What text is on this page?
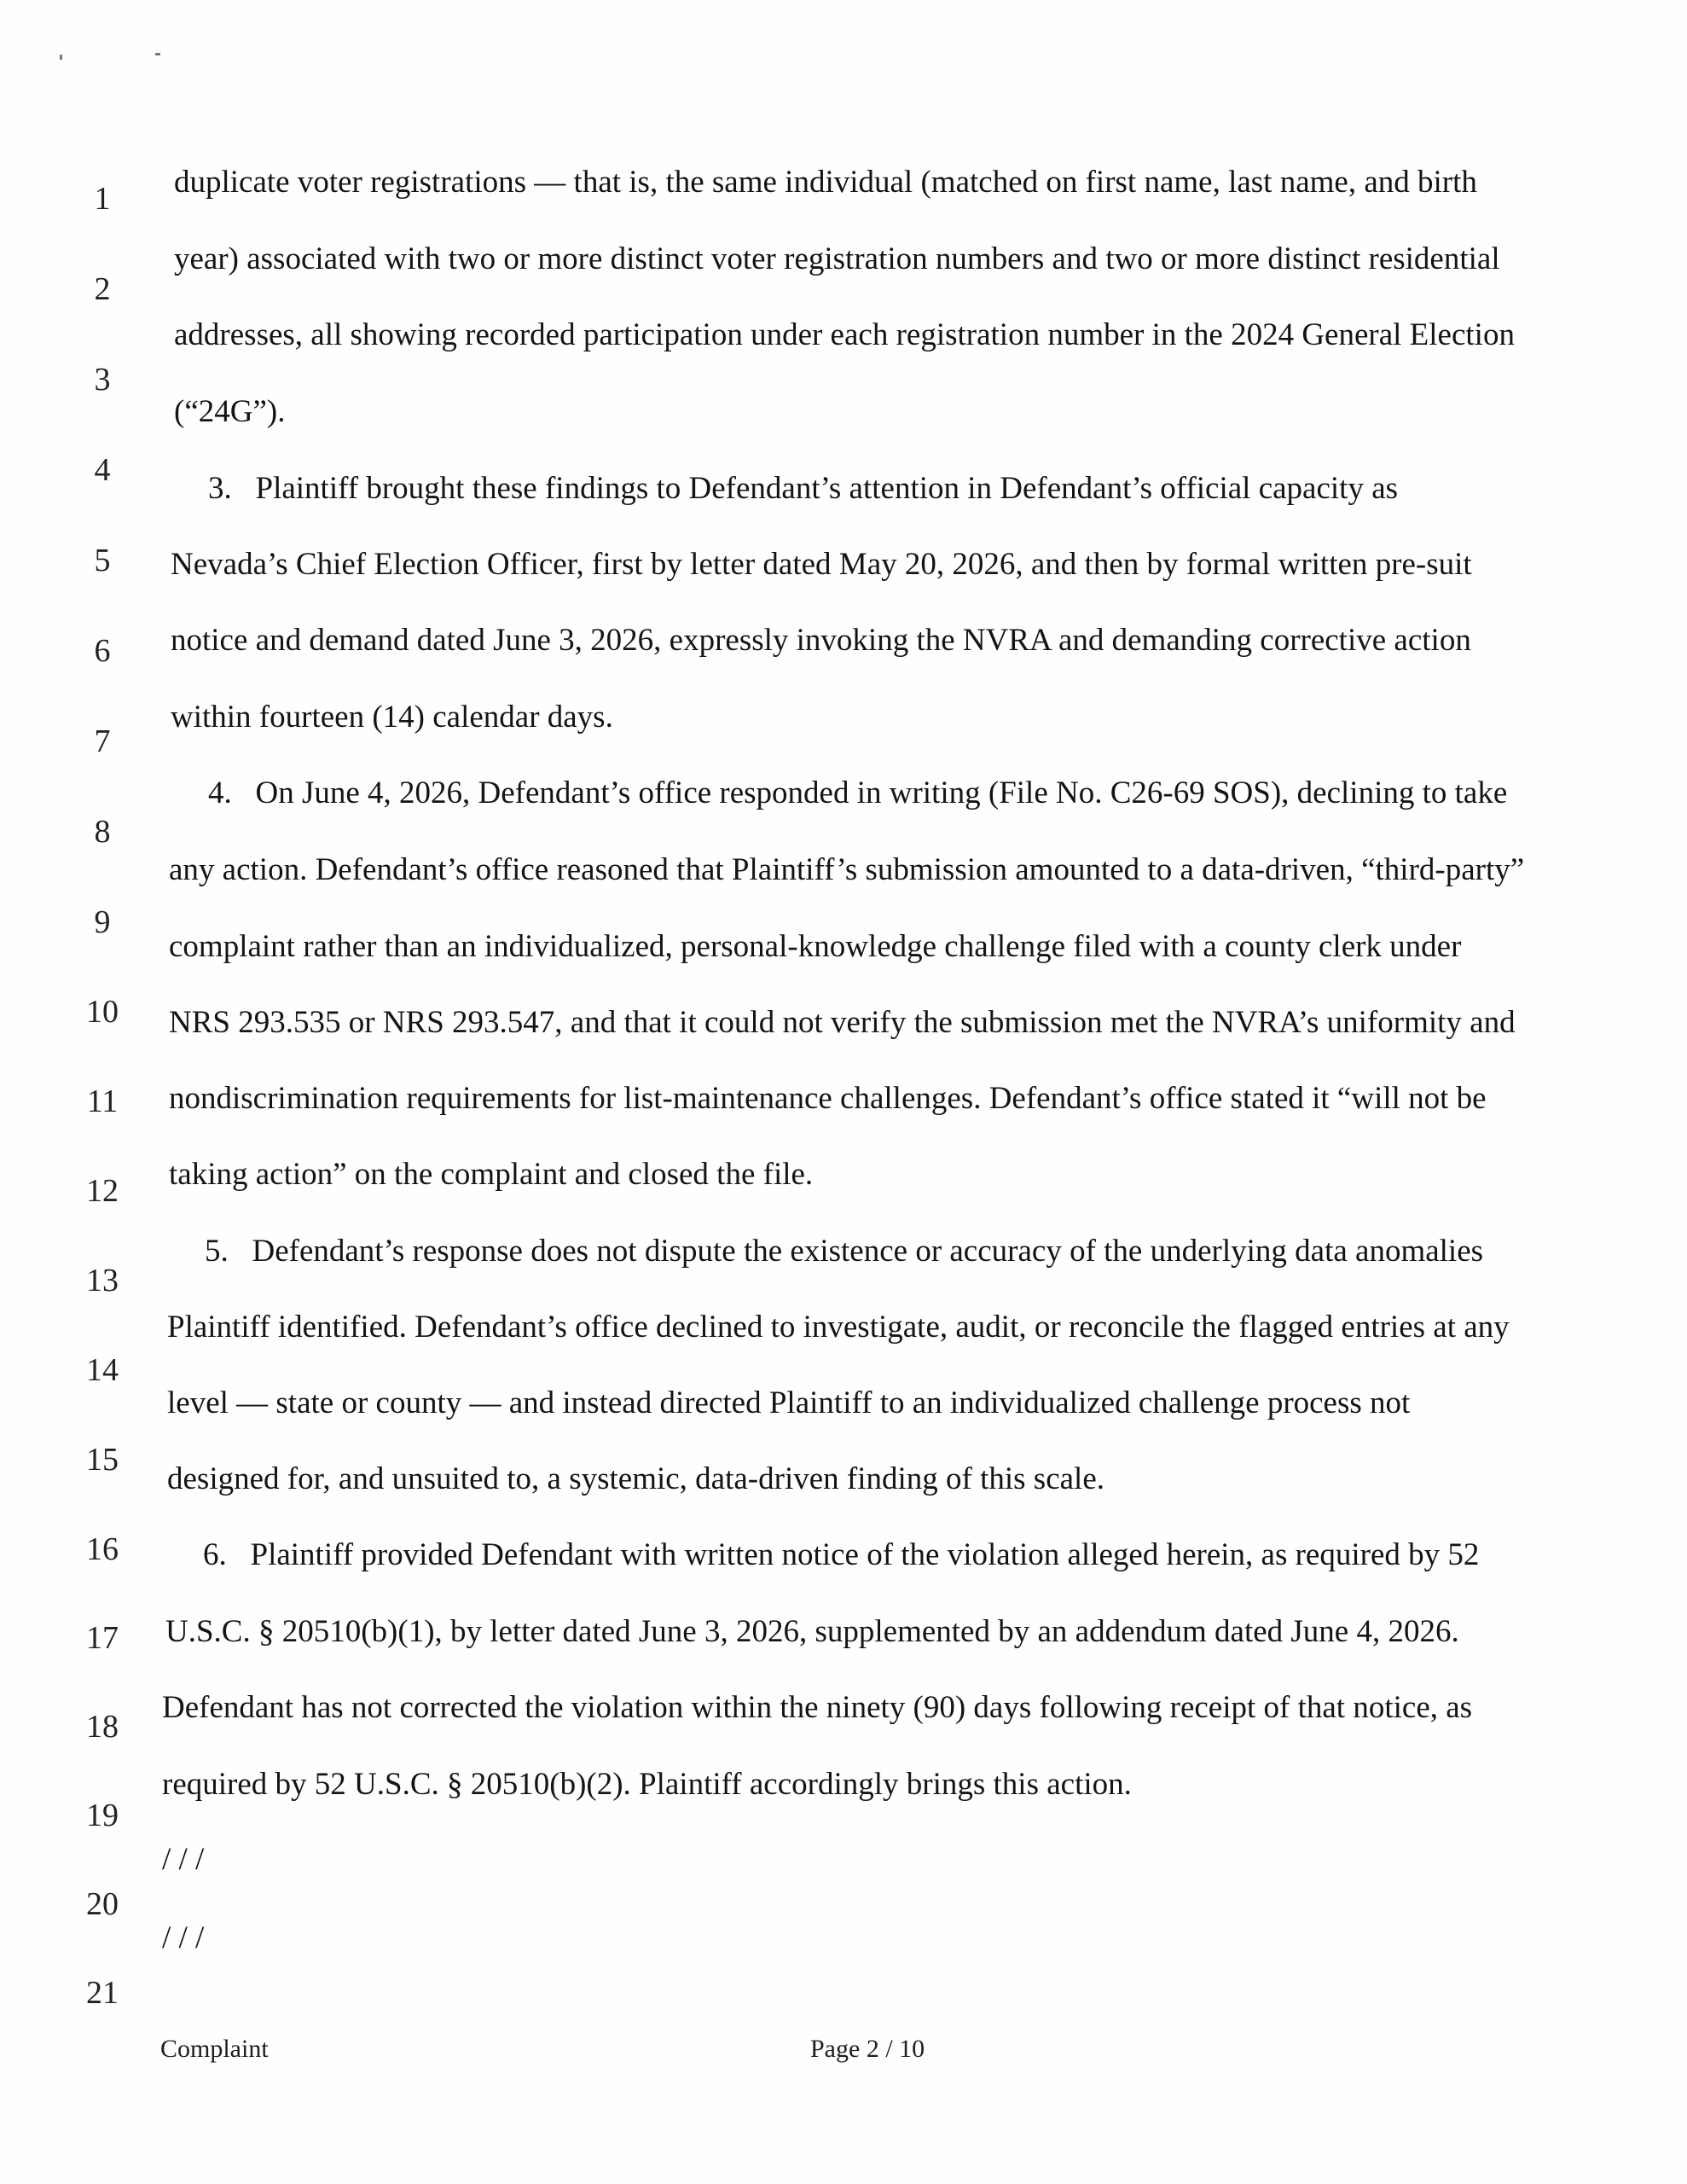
1
2
3
4
5
6
7
8
9
10
11
12
13
14
15
16
17
18
19
20
21
duplicate voter registrations — that is, the same individual (matched on first name, last name, and birth
year) associated with two or more distinct voter registration numbers and two or more distinct residential
addresses, all showing recorded participation under each registration number in the 2024 General Election
(“24G”).
3.   Plaintiff brought these findings to Defendant’s attention in Defendant’s official capacity as
Nevada’s Chief Election Officer, first by letter dated May 20, 2026, and then by formal written pre-suit
notice and demand dated June 3, 2026, expressly invoking the NVRA and demanding corrective action
within fourteen (14) calendar days.
4.   On June 4, 2026, Defendant’s office responded in writing (File No. C26-69 SOS), declining to take
any action. Defendant’s office reasoned that Plaintiff’s submission amounted to a data-driven, “third-party”
complaint rather than an individualized, personal-knowledge challenge filed with a county clerk under
NRS 293.535 or NRS 293.547, and that it could not verify the submission met the NVRA’s uniformity and
nondiscrimination requirements for list-maintenance challenges. Defendant’s office stated it “will not be
taking action” on the complaint and closed the file.
5.   Defendant’s response does not dispute the existence or accuracy of the underlying data anomalies
Plaintiff identified. Defendant’s office declined to investigate, audit, or reconcile the flagged entries at any
level — state or county — and instead directed Plaintiff to an individualized challenge process not
designed for, and unsuited to, a systemic, data-driven finding of this scale.
6.   Plaintiff provided Defendant with written notice of the violation alleged herein, as required by 52
U.S.C. § 20510(b)(1), by letter dated June 3, 2026, supplemented by an addendum dated June 4, 2026.
Defendant has not corrected the violation within the ninety (90) days following receipt of that notice, as
required by 52 U.S.C. § 20510(b)(2). Plaintiff accordingly brings this action.
/ / /
/ / /
Complaint	Page 2 / 10
